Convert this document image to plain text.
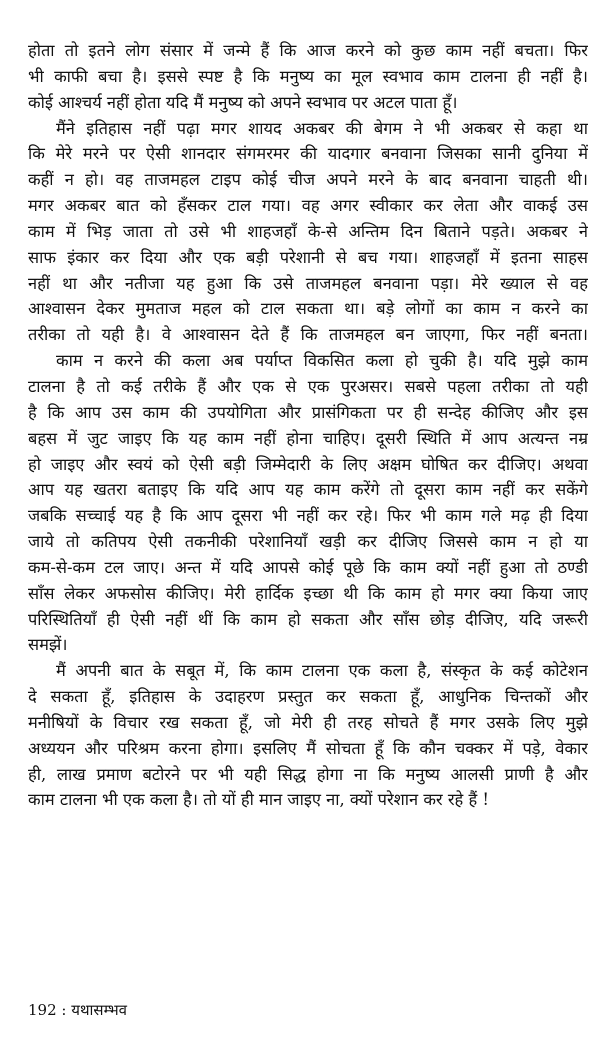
होता तो इतने लोग संसार में जन्मे हैं कि आज करने को कुछ काम नहीं बचता। फिर
भी काफी बचा है। इससे स्पष्ट है कि मनुष्य का मूल स्वभाव काम टालना ही नहीं है।
कोई आश्चर्य नहीं होता यदि मैं मनुष्य को अपने स्वभाव पर अटल पाता हूँ।

मैंने इतिहास नहीं पढ़ा मगर शायद अकबर की बेगम ने भी अकबर से कहा था
कि मेरे मरने पर ऐसी शानदार संगमरमर की यादगार बनवाना जिसका सानी दुनिया में
कहीं न हो। वह ताजमहल टाइप कोई चीज अपने मरने के बाद बनवाना चाहती थी।
मगर अकबर बात को हँसकर टाल गया। वह अगर स्वीकार कर लेता और वाकई उस
काम में भिड़ जाता तो उसे भी शाहजहाँ के-से अन्तिम दिन बिताने पड़ते। अकबर ने
साफ इंकार कर दिया और एक बड़ी परेशानी से बच गया। शाहजहाँ में इतना साहस
नहीं था और नतीजा यह हुआ कि उसे ताजमहल बनवाना पड़ा। मेरे ख्याल से वह
आश्वासन देकर मुमताज महल को टाल सकता था। बड़े लोगों का काम न करने का
तरीका तो यही है। वे आश्वासन देते हैं कि ताजमहल बन जाएगा, फिर नहीं बनता।

काम न करने की कला अब पर्याप्त विकसित कला हो चुकी है। यदि मुझे काम
टालना है तो कई तरीके हैं और एक से एक पुरअसर। सबसे पहला तरीका तो यही
है कि आप उस काम की उपयोगिता और प्रासंगिकता पर ही सन्देह कीजिए और इस
बहस में जुट जाइए कि यह काम नहीं होना चाहिए। दूसरी स्थिति में आप अत्यन्त नम्र
हो जाइए और स्वयं को ऐसी बड़ी जिम्मेदारी के लिए अक्षम घोषित कर दीजिए। अथवा
आप यह खतरा बताइए कि यदि आप यह काम करेंगे तो दूसरा काम नहीं कर सकेंगे
जबकि सच्चाई यह है कि आप दूसरा भी नहीं कर रहे। फिर भी काम गले मढ़ ही दिया
जाये तो कतिपय ऐसी तकनीकी परेशानियाँ खड़ी कर दीजिए जिससे काम न हो या
कम-से-कम टल जाए। अन्त में यदि आपसे कोई पूछे कि काम क्यों नहीं हुआ तो ठण्डी
साँस लेकर अफसोस कीजिए। मेरी हार्दिक इच्छा थी कि काम हो मगर क्या किया जाए
परिस्थितियाँ ही ऐसी नहीं थीं कि काम हो सकता और साँस छोड़ दीजिए, यदि जरूरी
समझें।

मैं अपनी बात के सबूत में, कि काम टालना एक कला है, संस्कृत के कई कोटेशन
दे सकता हूँ, इतिहास के उदाहरण प्रस्तुत कर सकता हूँ, आधुनिक चिन्तकों और
मनीषियों के विचार रख सकता हूँ, जो मेरी ही तरह सोचते हैं मगर उसके लिए मुझे
अध्ययन और परिश्रम करना होगा। इसलिए मैं सोचता हूँ कि कौन चक्कर में पड़े, वेकार
ही, लाख प्रमाण बटोरने पर भी यही सिद्ध होगा ना कि मनुष्य आलसी प्राणी है और
काम टालना भी एक कला है। तो यों ही मान जाइए ना, क्यों परेशान कर रहे हैं !

192 : यथासम्भव
